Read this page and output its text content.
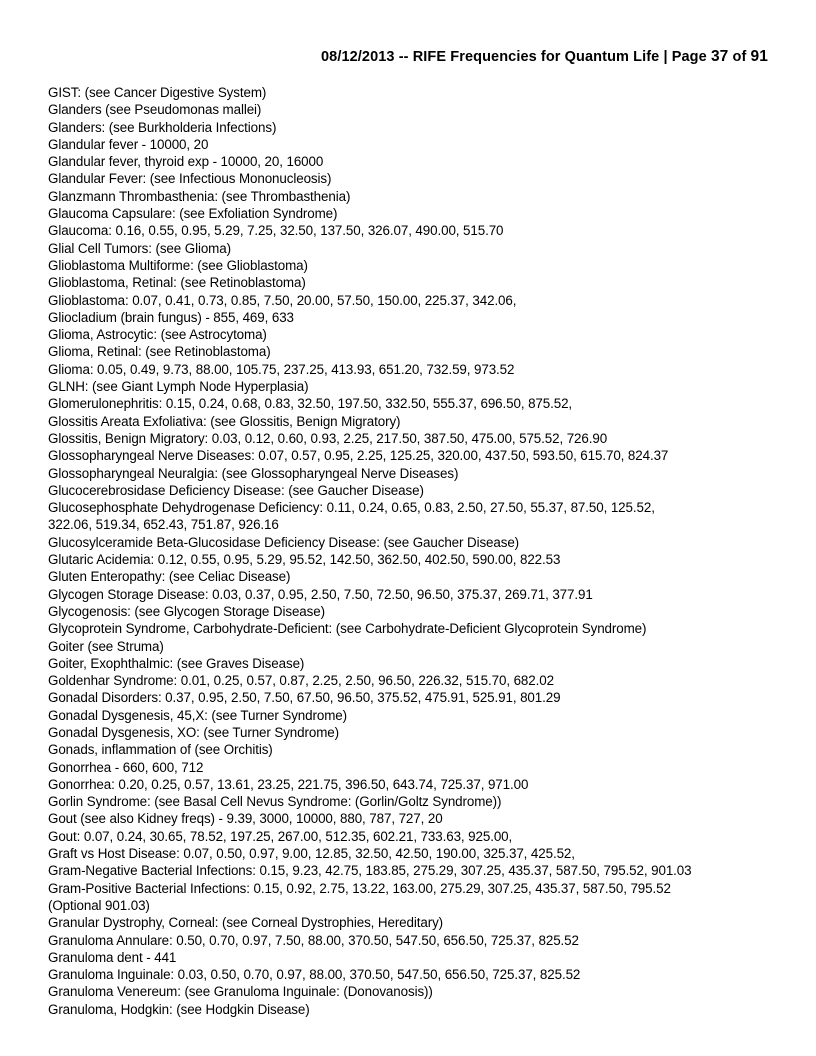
08/12/2013 -- RIFE Frequencies for Quantum Life | Page 37 of 91
GIST: (see Cancer Digestive System)
Glanders (see Pseudomonas mallei)
Glanders: (see Burkholderia Infections)
Glandular fever - 10000, 20
Glandular fever, thyroid exp - 10000, 20, 16000
Glandular Fever: (see Infectious Mononucleosis)
Glanzmann Thrombasthenia: (see Thrombasthenia)
Glaucoma Capsulare: (see Exfoliation Syndrome)
Glaucoma: 0.16, 0.55, 0.95, 5.29, 7.25, 32.50, 137.50, 326.07, 490.00, 515.70
Glial Cell Tumors: (see Glioma)
Glioblastoma Multiforme: (see Glioblastoma)
Glioblastoma, Retinal: (see Retinoblastoma)
Glioblastoma: 0.07, 0.41, 0.73, 0.85, 7.50, 20.00, 57.50, 150.00, 225.37, 342.06,
Gliocladium (brain fungus) - 855, 469, 633
Glioma, Astrocytic: (see Astrocytoma)
Glioma, Retinal: (see Retinoblastoma)
Glioma: 0.05, 0.49, 9.73, 88.00, 105.75, 237.25, 413.93, 651.20, 732.59, 973.52
GLNH: (see Giant Lymph Node Hyperplasia)
Glomerulonephritis: 0.15, 0.24, 0.68, 0.83, 32.50, 197.50, 332.50, 555.37, 696.50, 875.52,
Glossitis Areata Exfoliativa: (see Glossitis, Benign Migratory)
Glossitis, Benign Migratory: 0.03, 0.12, 0.60, 0.93, 2.25, 217.50, 387.50, 475.00, 575.52, 726.90
Glossopharyngeal Nerve Diseases: 0.07, 0.57, 0.95, 2.25, 125.25, 320.00, 437.50, 593.50, 615.70, 824.37
Glossopharyngeal Neuralgia: (see Glossopharyngeal Nerve Diseases)
Glucocerebrosidase Deficiency Disease: (see Gaucher Disease)
Glucosephosphate Dehydrogenase Deficiency: 0.11, 0.24, 0.65, 0.83, 2.50, 27.50, 55.37, 87.50, 125.52,
322.06, 519.34, 652.43, 751.87, 926.16
Glucosylceramide Beta-Glucosidase Deficiency Disease: (see Gaucher Disease)
Glutaric Acidemia: 0.12, 0.55, 0.95, 5.29, 95.52, 142.50, 362.50, 402.50, 590.00, 822.53
Gluten Enteropathy: (see Celiac Disease)
Glycogen Storage Disease: 0.03, 0.37, 0.95, 2.50, 7.50, 72.50, 96.50, 375.37, 269.71, 377.91
Glycogenosis: (see Glycogen Storage Disease)
Glycoprotein Syndrome, Carbohydrate-Deficient: (see Carbohydrate-Deficient Glycoprotein Syndrome)
Goiter (see Struma)
Goiter, Exophthalmic: (see Graves Disease)
Goldenhar Syndrome: 0.01, 0.25, 0.57, 0.87, 2.25, 2.50, 96.50, 226.32, 515.70, 682.02
Gonadal Disorders: 0.37, 0.95, 2.50, 7.50, 67.50, 96.50, 375.52, 475.91, 525.91, 801.29
Gonadal Dysgenesis, 45,X: (see Turner Syndrome)
Gonadal Dysgenesis, XO: (see Turner Syndrome)
Gonads, inflammation of (see Orchitis)
Gonorrhea - 660, 600, 712
Gonorrhea: 0.20, 0.25, 0.57, 13.61, 23.25, 221.75, 396.50, 643.74, 725.37, 971.00
Gorlin Syndrome: (see Basal Cell Nevus Syndrome: (Gorlin/Goltz Syndrome))
Gout (see also Kidney freqs) - 9.39, 3000, 10000, 880, 787, 727, 20
Gout: 0.07, 0.24, 30.65, 78.52, 197.25, 267.00, 512.35, 602.21, 733.63, 925.00,
Graft vs Host Disease: 0.07, 0.50, 0.97, 9.00, 12.85, 32.50, 42.50, 190.00, 325.37, 425.52,
Gram-Negative Bacterial Infections: 0.15, 9.23, 42.75, 183.85, 275.29, 307.25, 435.37, 587.50, 795.52, 901.03
Gram-Positive Bacterial Infections: 0.15, 0.92, 2.75, 13.22, 163.00, 275.29, 307.25, 435.37, 587.50, 795.52
(Optional 901.03)
Granular Dystrophy, Corneal: (see Corneal Dystrophies, Hereditary)
Granuloma Annulare: 0.50, 0.70, 0.97, 7.50, 88.00, 370.50, 547.50, 656.50, 725.37, 825.52
Granuloma dent - 441
Granuloma Inguinale: 0.03, 0.50, 0.70, 0.97, 88.00, 370.50, 547.50, 656.50, 725.37, 825.52
Granuloma Venereum: (see Granuloma Inguinale: (Donovanosis))
Granuloma, Hodgkin: (see Hodgkin Disease)
